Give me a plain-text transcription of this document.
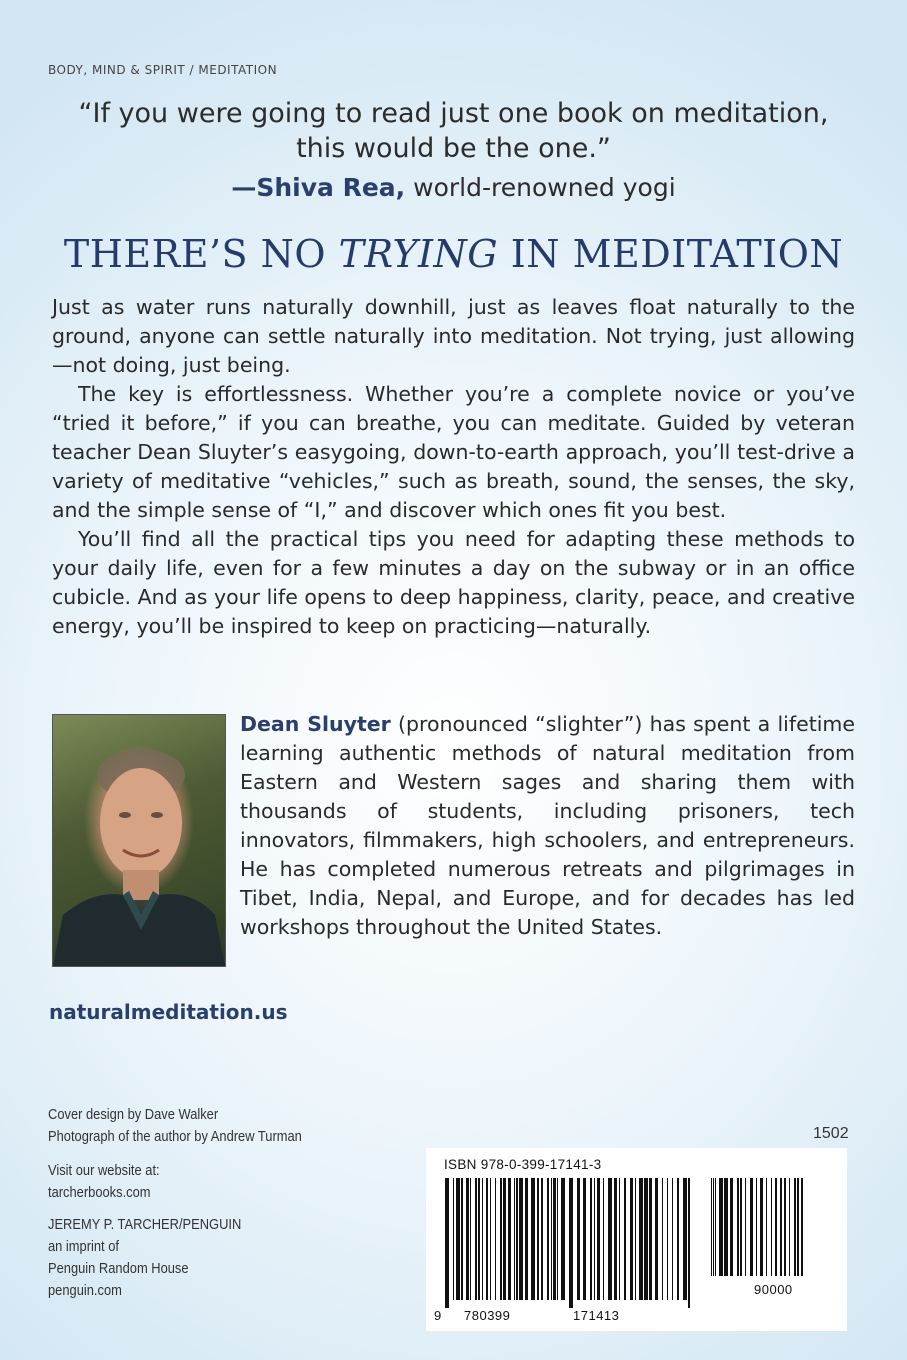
BODY, MIND & SPIRIT / MEDITATION
“If you were going to read just one book on meditation, this would be the one.”
—Shiva Rea, world-renowned yogi
THERE’S NO TRYING IN MEDITATION

Just as water runs naturally downhill, just as leaves float naturally to the ground, anyone can settle naturally into meditation. Not trying, just allowing—not doing, just being.

The key is effortlessness. Whether you’re a complete novice or you’ve “tried it before,” if you can breathe, you can meditate. Guided by veteran teacher Dean Sluyter’s easygoing, down-to-earth approach, you’ll test-drive a variety of meditative “vehicles,” such as breath, sound, the senses, the sky, and the simple sense of “I,” and discover which ones fit you best.

You’ll find all the practical tips you need for adapting these methods to your daily life, even for a few minutes a day on the subway or in an office cubicle. And as your life opens to deep happiness, clarity, peace, and creative energy, you’ll be inspired to keep on practicing—naturally.

Dean Sluyter (pronounced “slighter”) has spent a lifetime learning authentic methods of natural meditation from Eastern and Western sages and sharing them with thousands of students, including prisoners, tech innovators, filmmakers, high schoolers, and entrepreneurs. He has completed numerous retreats and pilgrimages in Tibet, India, Nepal, and Europe, and for decades has led workshops throughout the United States.
naturalmeditation.us
Cover design by Dave Walker
Photograph of the author by Andrew Turman
Visit our website at:
tarcherbooks.com
JEREMY P. TARCHER/PENGUIN
an imprint of
Penguin Random House
penguin.com
1502
ISBN 978-0-399-17141-3
9 780399	171413
90000
